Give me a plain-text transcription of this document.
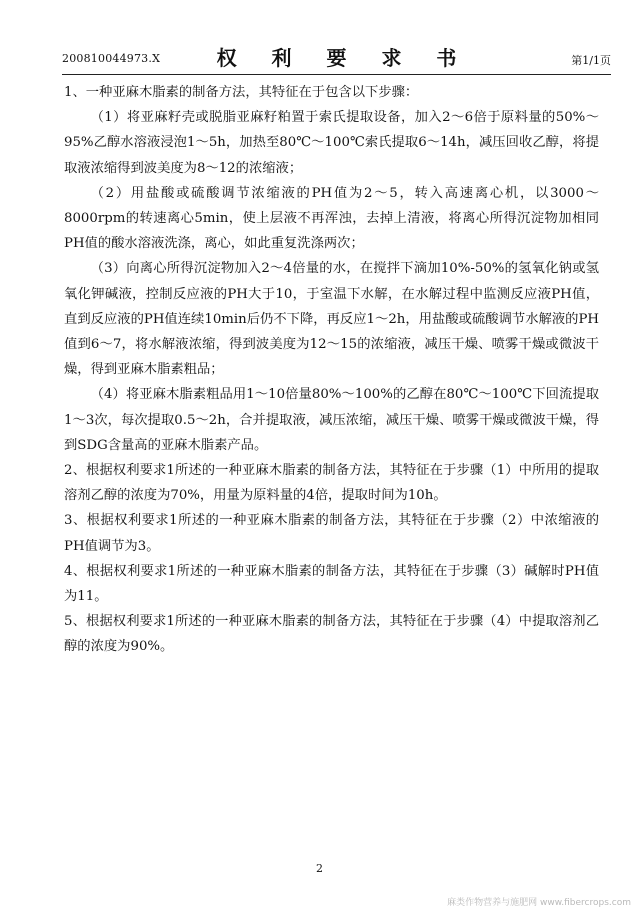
200810044973.X	权 利 要 求 书	第1/1页

1、一种亚麻木脂素的制备方法，其特征在于包含以下步骤：

（1）将亚麻籽壳或脱脂亚麻籽粕置于索氏提取设备，加入2～6倍于原料量的50%～95%乙醇水溶液浸泡1～5h，加热至80℃～100℃索氏提取6～14h，减压回收乙醇，将提取液浓缩得到波美度为8～12的浓缩液；

（2）用盐酸或硫酸调节浓缩液的PH值为2～5，转入高速离心机，以3000～8000rpm的转速离心5min，使上层液不再浑浊，去掉上清液，将离心所得沉淀物加相同PH值的酸水溶液洗涤，离心，如此重复洗涤两次；

（3）向离心所得沉淀物加入2～4倍量的水，在搅拌下滴加10%-50%的氢氧化钠或氢氧化钾碱液，控制反应液的PH大于10，于室温下水解，在水解过程中监测反应液PH值，直到反应液的PH值连续10min后仍不下降，再反应1～2h，用盐酸或硫酸调节水解液的PH值到6～7，将水解液浓缩，得到波美度为12～15的浓缩液，减压干燥、喷雾干燥或微波干燥，得到亚麻木脂素粗品；

（4）将亚麻木脂素粗品用1～10倍量80%～100%的乙醇在80℃～100℃下回流提取1～3次，每次提取0.5～2h，合并提取液，减压浓缩，减压干燥、喷雾干燥或微波干燥，得到SDG含量高的亚麻木脂素产品。

2、根据权利要求1所述的一种亚麻木脂素的制备方法，其特征在于步骤（1）中所用的提取溶剂乙醇的浓度为70%，用量为原料量的4倍，提取时间为10h。

3、根据权利要求1所述的一种亚麻木脂素的制备方法，其特征在于步骤（2）中浓缩液的PH值调节为3。

4、根据权利要求1所述的一种亚麻木脂素的制备方法，其特征在于步骤（3）碱解时PH值为11。

5、根据权利要求1所述的一种亚麻木脂素的制备方法，其特征在于步骤（4）中提取溶剂乙醇的浓度为90%。

2
麻类作物营养与施肥网 www.fibercrops.com
